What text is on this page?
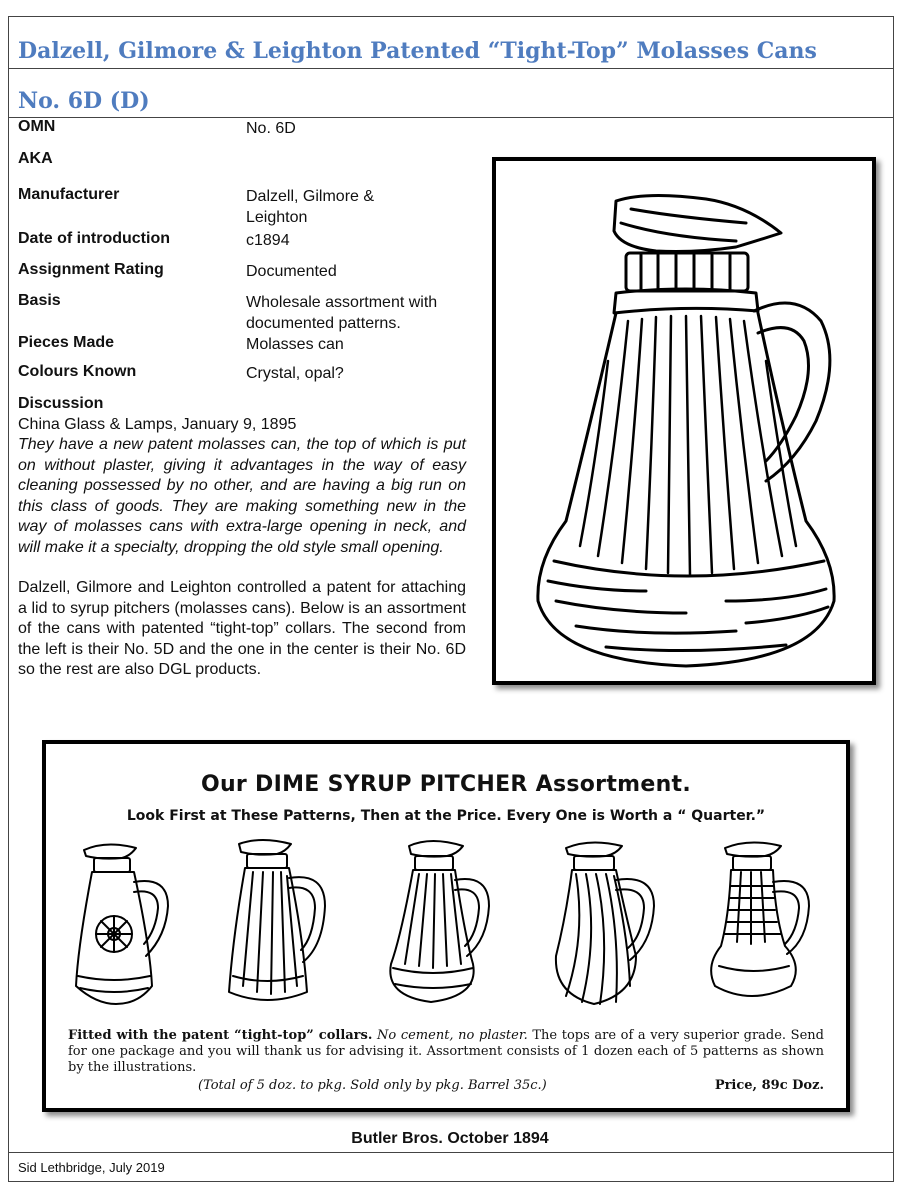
Dalzell, Gilmore & Leighton Patented “Tight-Top” Molasses Cans
No. 6D (D)
OMN	No. 6D
AKA
Manufacturer	Dalzell, Gilmore & Leighton
Date of introduction	c1894
Assignment Rating	Documented
Basis	Wholesale assortment with documented patterns.
Pieces Made	Molasses can
Colours Known	Crystal, opal?
Discussion
China Glass & Lamps, January 9, 1895
They have a new patent molasses can, the top of which is put on without plaster, giving it advantages in the way of easy cleaning possessed by no other, and are having a big run on this class of goods. They are making something new in the way of molasses cans with extra-large opening in neck, and will make it a specialty, dropping the old style small opening.
Dalzell, Gilmore and Leighton controlled a patent for attaching a lid to syrup pitchers (molasses cans). Below is an assortment of the cans with patented “tight-top” collars. The second from the left is their No. 5D and the one in the center is their No. 6D so the rest are also DGL products.
Our DIME SYRUP PITCHER Assortment.
Look First at These Patterns, Then at the Price. Every One is Worth a “ Quarter.”
Fitted with the patent “tight-top” collars. No cement, no plaster. The tops are of a very superior grade. Send for one package and you will thank us for advising it. Assortment consists of 1 dozen each of 5 patterns as shown by the illustrations.
(Total of 5 doz. to pkg. Sold only by pkg. Barrel 35c.)	Price, 89c Doz.
Butler Bros. October 1894
Sid Lethbridge, July 2019
